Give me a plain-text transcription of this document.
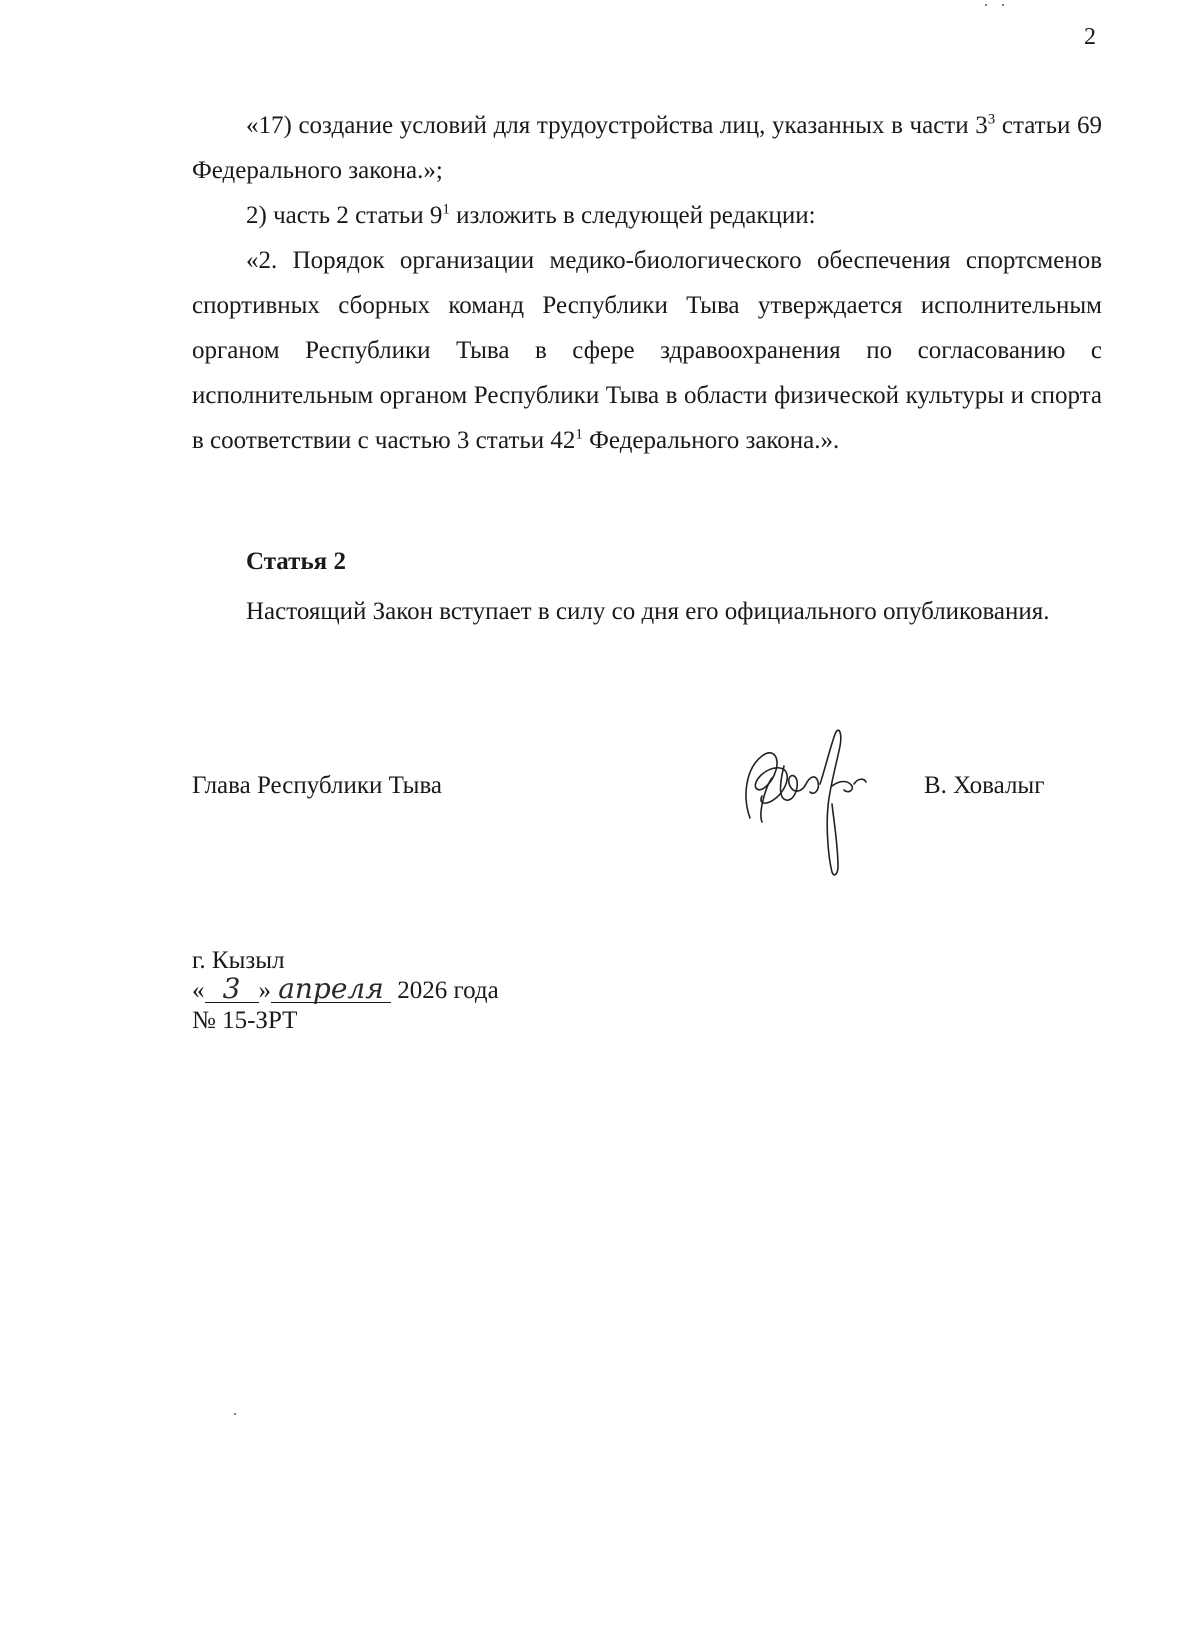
2

«17) создание условий для трудоустройства лиц, указанных в части $3^3$ статьи 69 Федерального закона.»;

2) часть 2 статьи $9^1$ изложить в следующей редакции:

«2. Порядок организации медико-биологического обеспечения спортсменов спортивных сборных команд Республики Тыва утверждается исполнительным органом Республики Тыва в сфере здравоохранения по согласованию с исполнительным органом Республики Тыва в области физической культуры и спорта в соответствии с частью 3 статьи $42^1$ Федерального закона.».

Статья 2

Настоящий Закон вступает в силу со дня его официального опубликования.

Глава Республики Тыва	В. Ховалыг
г. Кызыл
« 3 » апреля 2026 года
№ 15-ЗРТ
